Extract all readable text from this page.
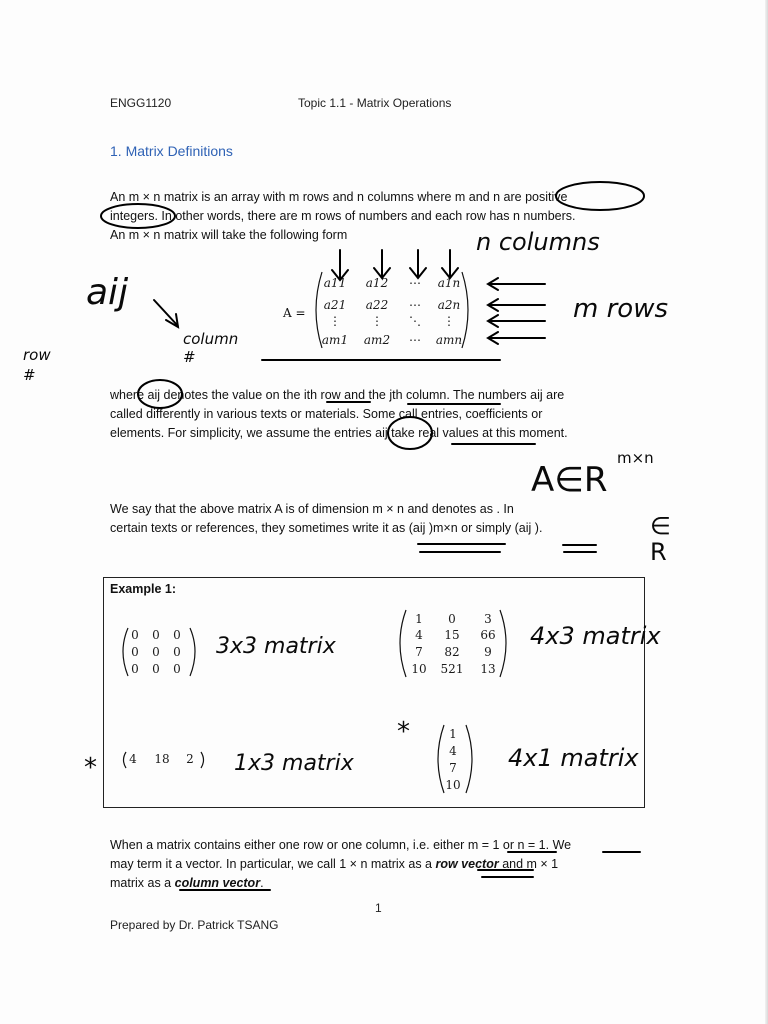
ENGG1120	Topic 1.1 - Matrix Operations
1. Matrix Definitions
An m × n matrix is an array with m rows and n columns where m and n are positive
integers. In other words, there are m rows of numbers and each row has n numbers.
An m × n matrix will take the following form
A =
a11	a12	⋯	a1n
a21	a22	⋯	a2n
⋮	⋮	⋱	⋮
am1 am2	⋯	amn
where aij denotes the value on the ith row and the jth column. The numbers aij are
called differently in various texts or materials. Some call entries, coefficients or
elements. For simplicity, we assume the entries aij take real values at this moment.
We say that the above matrix A is of dimension m × n and denotes as . In
certain texts or references, they sometimes write it as (aij )m×n or simply (aij ).
Example 1:
0	0	0
0	0	0
0	0	0
1	0	3
4	15	66
7	82	9
10	521	13
4	18	2
1
4
7
10
When a matrix contains either one row or one column, i.e. either m = 1 or n = 1. We
may term it a vector. In particular, we call 1 × n matrix as a row vector and m × 1
matrix as a column vector.
1
Prepared by Dr. Patrick TSANG
n columns
m rows
aij
column #
row #
A∈R
m×n
∈ R
3x3 matrix	4x3 matrix
1x3 matrix	4x1 matrix
*
*
